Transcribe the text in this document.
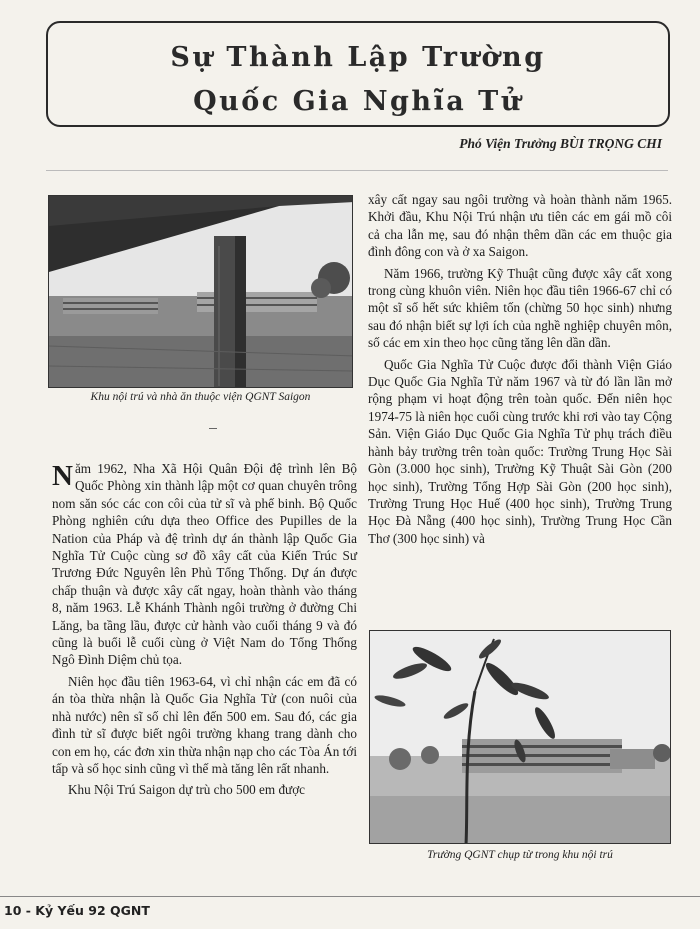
Sự Thành Lập Trường
Quốc Gia Nghĩa Tử
Phó Viện Trưởng BÙI TRỌNG CHI
Khu nội trú và nhà ăn thuộc viện QGNT Saigon

Năm 1962, Nha Xã Hội Quân Đội đệ trình lên Bộ Quốc Phòng xin thành lập một cơ quan chuyên trông nom săn sóc các con côi của tử sĩ và phế binh. Bộ Quốc Phòng nghiên cứu dựa theo Office des Pupilles de la Nation của Pháp và đệ trình dự án thành lập Quốc Gia Nghĩa Tử Cuộc cùng sơ đồ xây cất của Kiến Trúc Sư Trương Đức Nguyên lên Phủ Tổng Thống. Dự án được chấp thuận và được xây cất ngay, hoàn thành vào tháng 8, năm 1963. Lễ Khánh Thành ngôi trường ở đường Chi Lăng, ba tầng lầu, được cử hành vào cuối tháng 9 và đó cũng là buổi lễ cuối cùng ở Việt Nam do Tổng Thống Ngô Đình Diệm chủ tọa.

Niên học đầu tiên 1963-64, vì chỉ nhận các em đã có án tòa thừa nhận là Quốc Gia Nghĩa Tử (con nuôi của nhà nước) nên sĩ số chỉ lên đến 500 em. Sau đó, các gia đình tử sĩ được biết ngôi trường khang trang dành cho con em họ, các đơn xin thừa nhận nạp cho các Tòa Án tới tấp và số học sinh cũng vì thế mà tăng lên rất nhanh.

Khu Nội Trú Saigon dự trù cho 500 em được

xây cất ngay sau ngôi trường và hoàn thành năm 1965. Khởi đầu, Khu Nội Trú nhận ưu tiên các em gái mồ côi cả cha lẫn mẹ, sau đó nhận thêm dần các em thuộc gia đình đông con và ở xa Saigon.

Năm 1966, trường Kỹ Thuật cũng được xây cất xong trong cùng khuôn viên. Niên học đầu tiên 1966-67 chỉ có một sĩ số hết sức khiêm tốn (chừng 50 học sinh) nhưng sau đó nhận biết sự lợi ích của nghề nghiệp chuyên môn, số các em xin theo học cũng tăng lên dần dần.

Quốc Gia Nghĩa Tử Cuộc được đổi thành Viện Giáo Dục Quốc Gia Nghĩa Tử năm 1967 và từ đó lần lần mở rộng phạm vi hoạt động trên toàn quốc. Đến niên học 1974-75 là niên học cuối cùng trước khi rơi vào tay Cộng Sản. Viện Giáo Dục Quốc Gia Nghĩa Tử phụ trách điều hành bảy trường trên toàn quốc: Trường Trung Học Sài Gòn (3.000 học sinh), Trường Kỹ Thuật Sài Gòn (200 học sinh), Trường Tổng Hợp Sài Gòn (200 học sinh), Trường Trung Học Huế (400 học sinh), Trường Trung Học Đà Nẵng (400 học sinh), Trường Trung Học Cần Thơ (300 học sinh) và

Trường QGNT chụp từ trong khu nội trú
10 - Kỷ Yếu 92 QGNT
